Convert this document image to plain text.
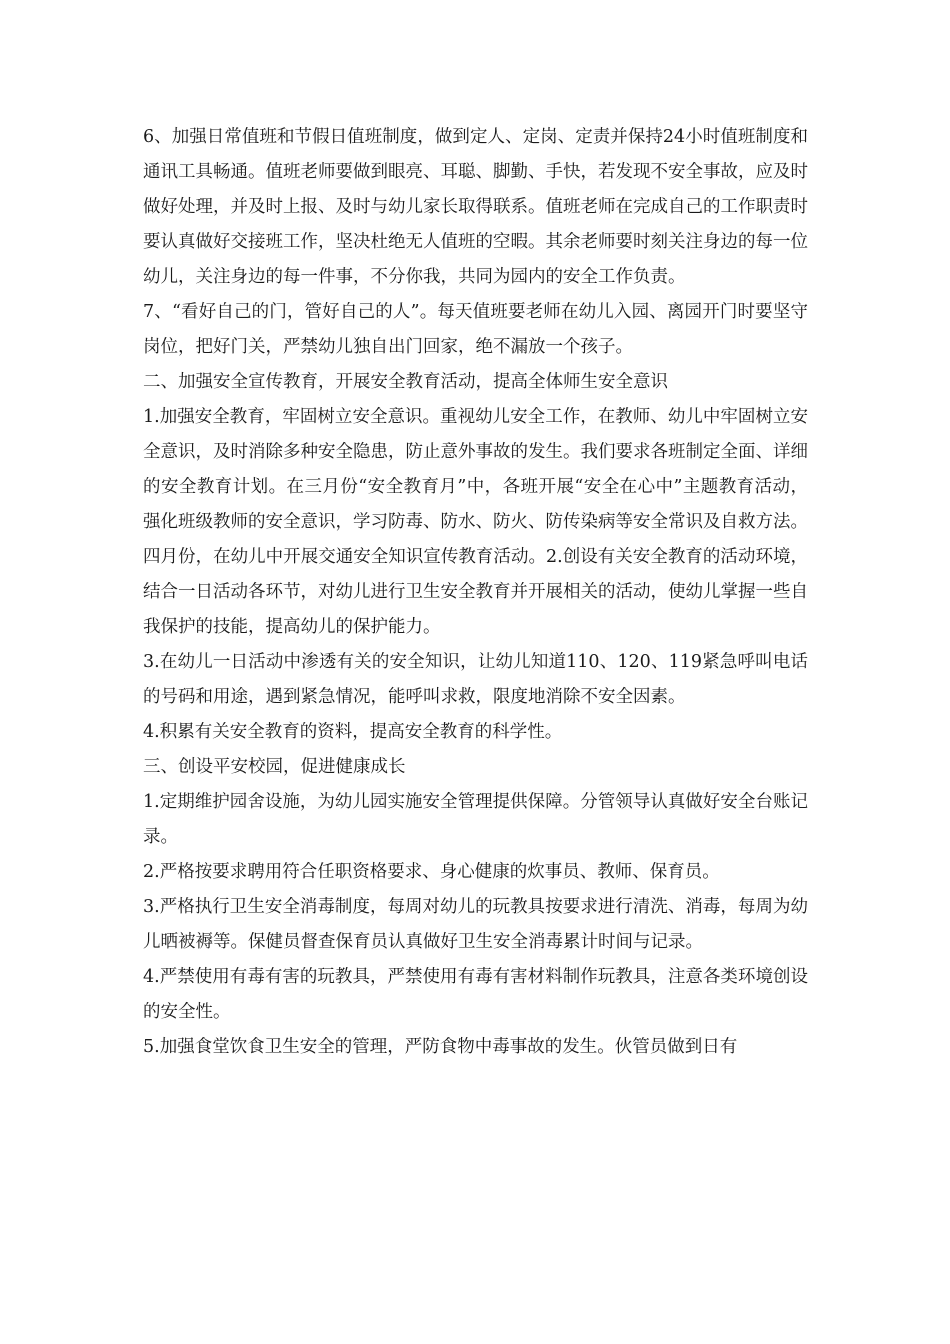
6、加强日常值班和节假日值班制度，做到定人、定岗、定责并保持24小时值班制度和通讯工具畅通。值班老师要做到眼亮、耳聪、脚勤、手快，若发现不安全事故，应及时做好处理，并及时上报、及时与幼儿家长取得联系。值班老师在完成自己的工作职责时要认真做好交接班工作，坚决杜绝无人值班的空暇。其余老师要时刻关注身边的每一位幼儿，关注身边的每一件事，不分你我，共同为园内的安全工作负责。

7、“看好自己的门，管好自己的人”。每天值班要老师在幼儿入园、离园开门时要坚守岗位，把好门关，严禁幼儿独自出门回家，绝不漏放一个孩子。

二、加强安全宣传教育，开展安全教育活动，提高全体师生安全意识

1.加强安全教育，牢固树立安全意识。重视幼儿安全工作，在教师、幼儿中牢固树立安全意识，及时消除多种安全隐患，防止意外事故的发生。我们要求各班制定全面、详细的安全教育计划。在三月份“安全教育月”中，各班开展“安全在心中”主题教育活动，强化班级教师的安全意识，学习防毒、防水、防火、防传染病等安全常识及自救方法。四月份，在幼儿中开展交通安全知识宣传教育活动。2.创设有关安全教育的活动环境，结合一日活动各环节，对幼儿进行卫生安全教育并开展相关的活动，使幼儿掌握一些自我保护的技能，提高幼儿的保护能力。

3.在幼儿一日活动中渗透有关的安全知识，让幼儿知道110、120、119紧急呼叫电话的号码和用途，遇到紧急情况，能呼叫求救，限度地消除不安全因素。

4.积累有关安全教育的资料，提高安全教育的科学性。

三、创设平安校园，促进健康成长

1.定期维护园舍设施，为幼儿园实施安全管理提供保障。分管领导认真做好安全台账记录。

2.严格按要求聘用符合任职资格要求、身心健康的炊事员、教师、保育员。

3.严格执行卫生安全消毒制度，每周对幼儿的玩教具按要求进行清洗、消毒，每周为幼儿晒被褥等。保健员督查保育员认真做好卫生安全消毒累计时间与记录。

4.严禁使用有毒有害的玩教具，严禁使用有毒有害材料制作玩教具，注意各类环境创设的安全性。

5.加强食堂饮食卫生安全的管理，严防食物中毒事故的发生。伙管员做到日有
